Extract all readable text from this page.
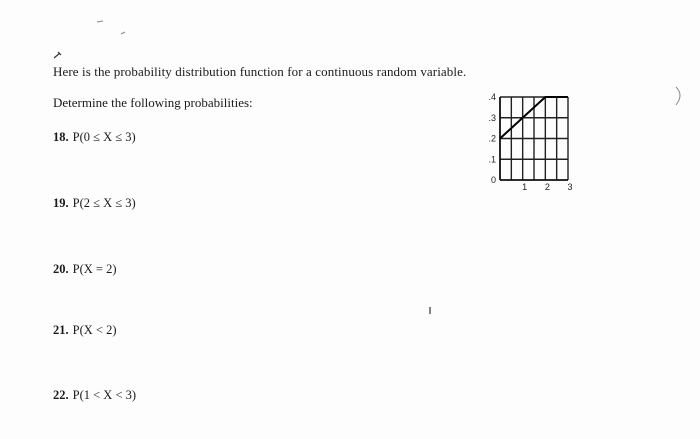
Here is the probability distribution function for a continuous random variable.
Determine the following probabilities:
18. P(0 ≤ X ≤ 3)
19. P(2 ≤ X ≤ 3)
20. P(X = 2)
21. P(X < 2)
22. P(1 < X < 3)
0
.1
.2
.3
.4
1 2 3
